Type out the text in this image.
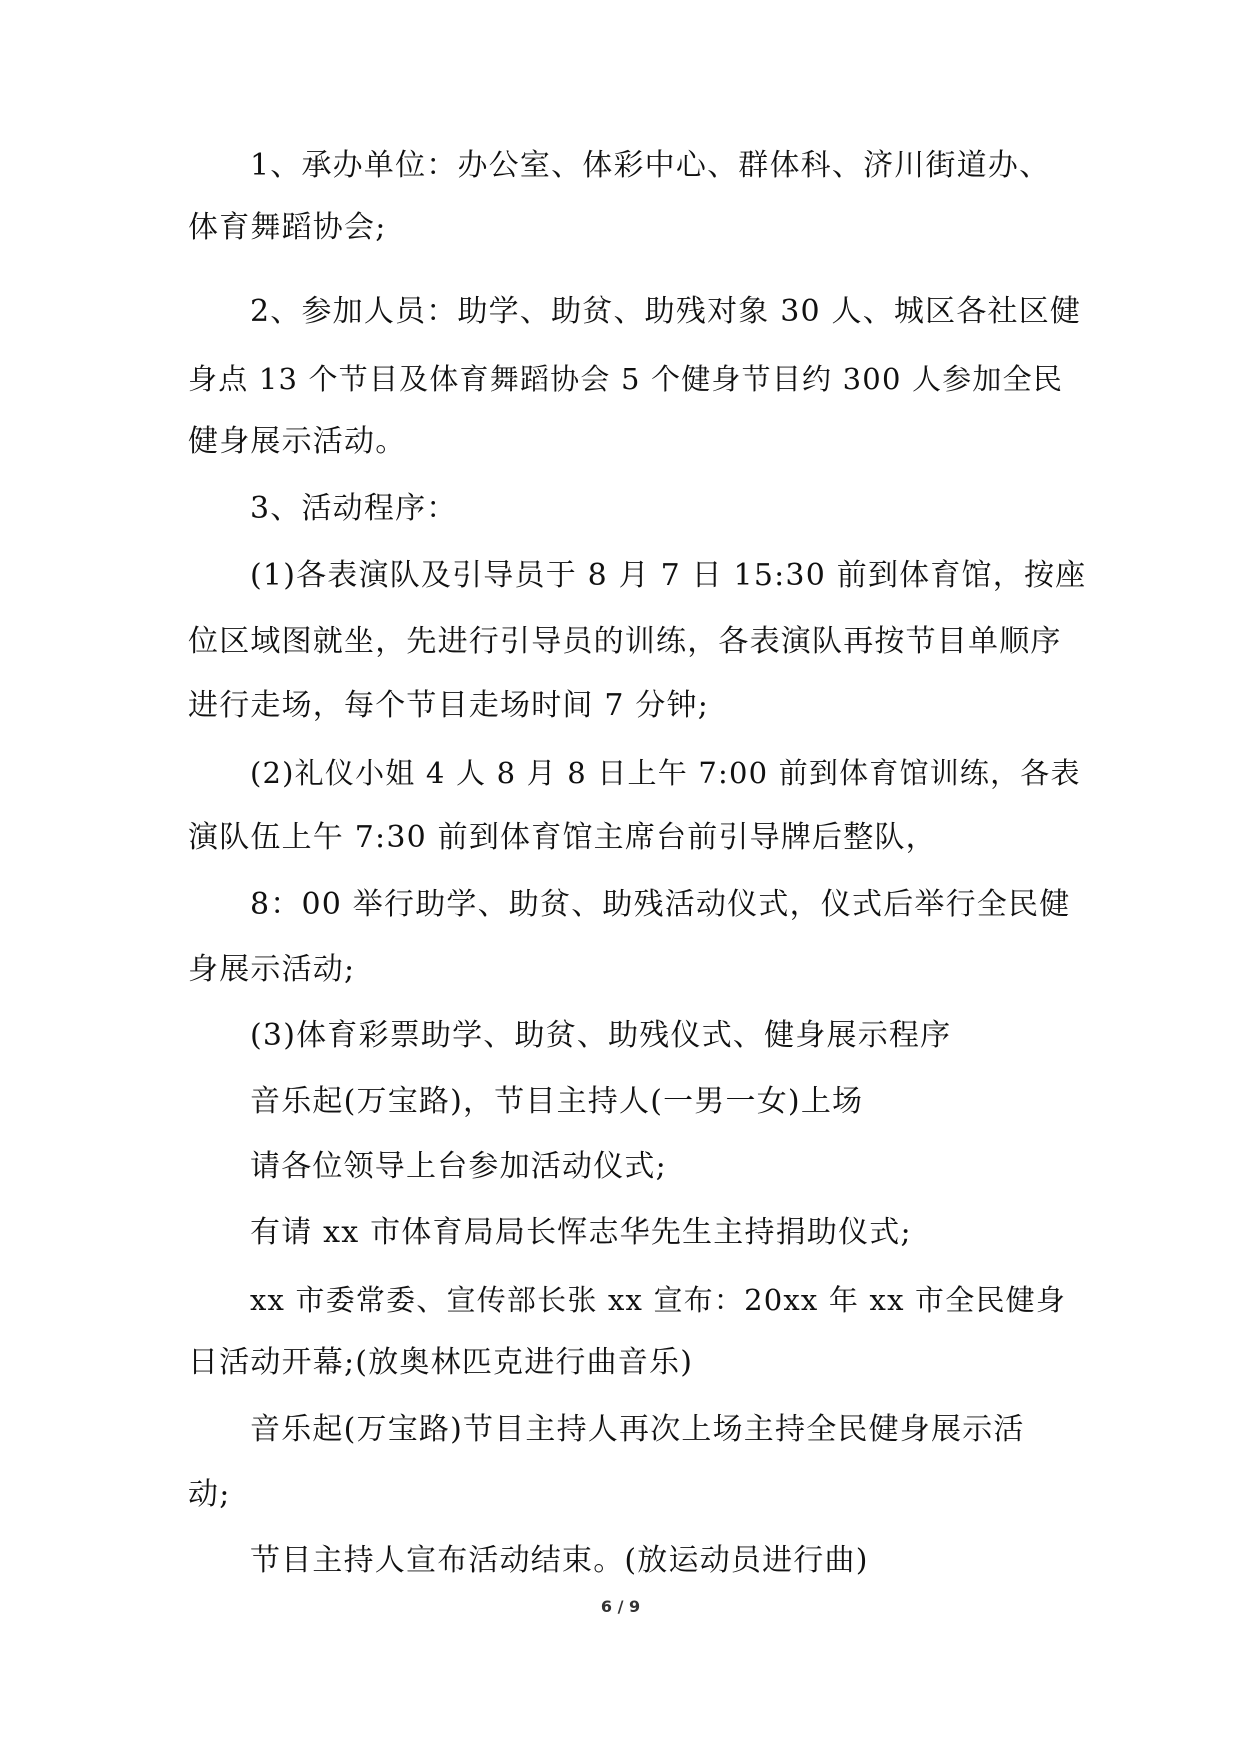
1、承办单位：办公室、体彩中心、群体科、济川街道办、
体育舞蹈协会;
2、参加人员：助学、助贫、助残对象 30 人、城区各社区健
身点 13 个节目及体育舞蹈协会 5 个健身节目约 300 人参加全民
健身展示活动。
3、活动程序：
(1)各表演队及引导员于 8 月 7 日 15:30 前到体育馆，按座
位区域图就坐，先进行引导员的训练，各表演队再按节目单顺序
进行走场，每个节目走场时间 7 分钟;
(2)礼仪小姐 4 人 8 月 8 日上午 7:00 前到体育馆训练，各表
演队伍上午 7:30 前到体育馆主席台前引导牌后整队，
8：00 举行助学、助贫、助残活动仪式，仪式后举行全民健
身展示活动;
(3)体育彩票助学、助贫、助残仪式、健身展示程序
音乐起(万宝路)，节目主持人(一男一女)上场
请各位领导上台参加活动仪式;
有请 xx 市体育局局长恽志华先生主持捐助仪式;
xx 市委常委、宣传部长张 xx 宣布：20xx 年 xx 市全民健身
日活动开幕;(放奥林匹克进行曲音乐)
音乐起(万宝路)节目主持人再次上场主持全民健身展示活
动;
节目主持人宣布活动结束。(放运动员进行曲)
6 / 9
